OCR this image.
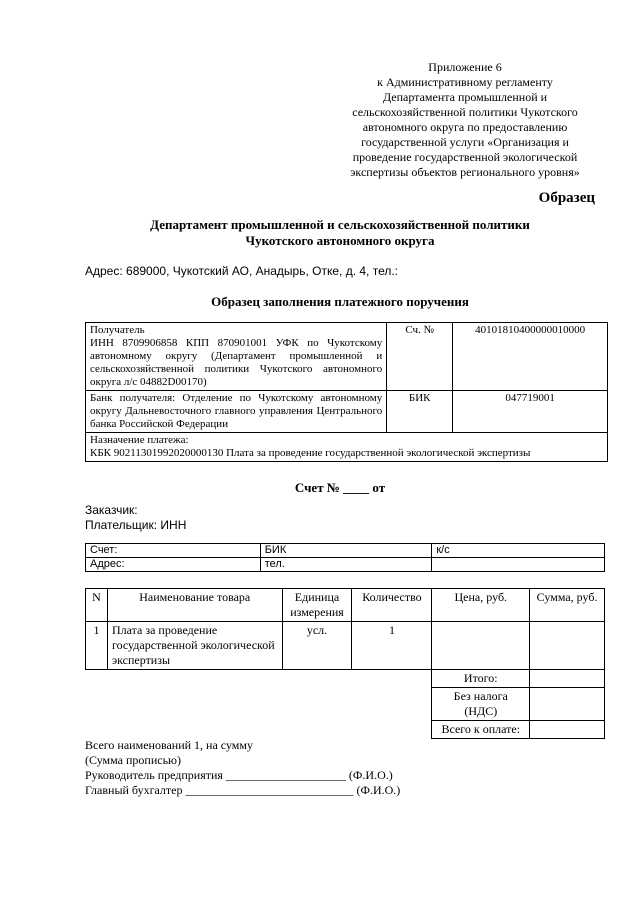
Приложение 6
к Административному регламенту
Департамента промышленной и
сельскохозяйственной политики Чукотского
автономного округа по предоставлению
государственной услуги «Организация и
проведение государственной экологической
экспертизы объектов регионального уровня»
Образец
Департамент промышленной и сельскохозяйственной политики
Чукотского автономного округа
Адрес: 689000, Чукотский АО, Анадырь, Отке, д. 4, тел.:
Образец заполнения платежного поручения
Получатель
ИНН 8709906858 КПП 870901001 УФК по Чукотскому автономному округу (Департамент промышленной и сельскохозяйственной политики Чукотского автономного округа л/с 04882D00170)	Сч. №	40101810400000010000
Банк получателя: Отделение по Чукотскому автономному округу Дальневосточного главного управления Центрального банка Российской Федерации	БИК	047719001

Назначение платежа:
КБК 90211301992020000130 Плата за проведение государственной экологической экспертизы		
Счет № ____ от
Заказчик:
Плательщик: ИНН
Счет:	БИК	к/с
Адрес:	тел.	
N	Наименование товара	Единица измерения	Количество	Цена, руб.	Сумма, руб.
1	Плата за проведение государственной экологической экспертизы	усл.	1		
				Итого:	
				Без налога (НДС)	
				Всего к оплате:	
Всего наименований 1, на сумму
(Сумма прописью)
Руководитель предприятия ____________________ (Ф.И.О.)
Главный бухгалтер ____________________________ (Ф.И.О.)
